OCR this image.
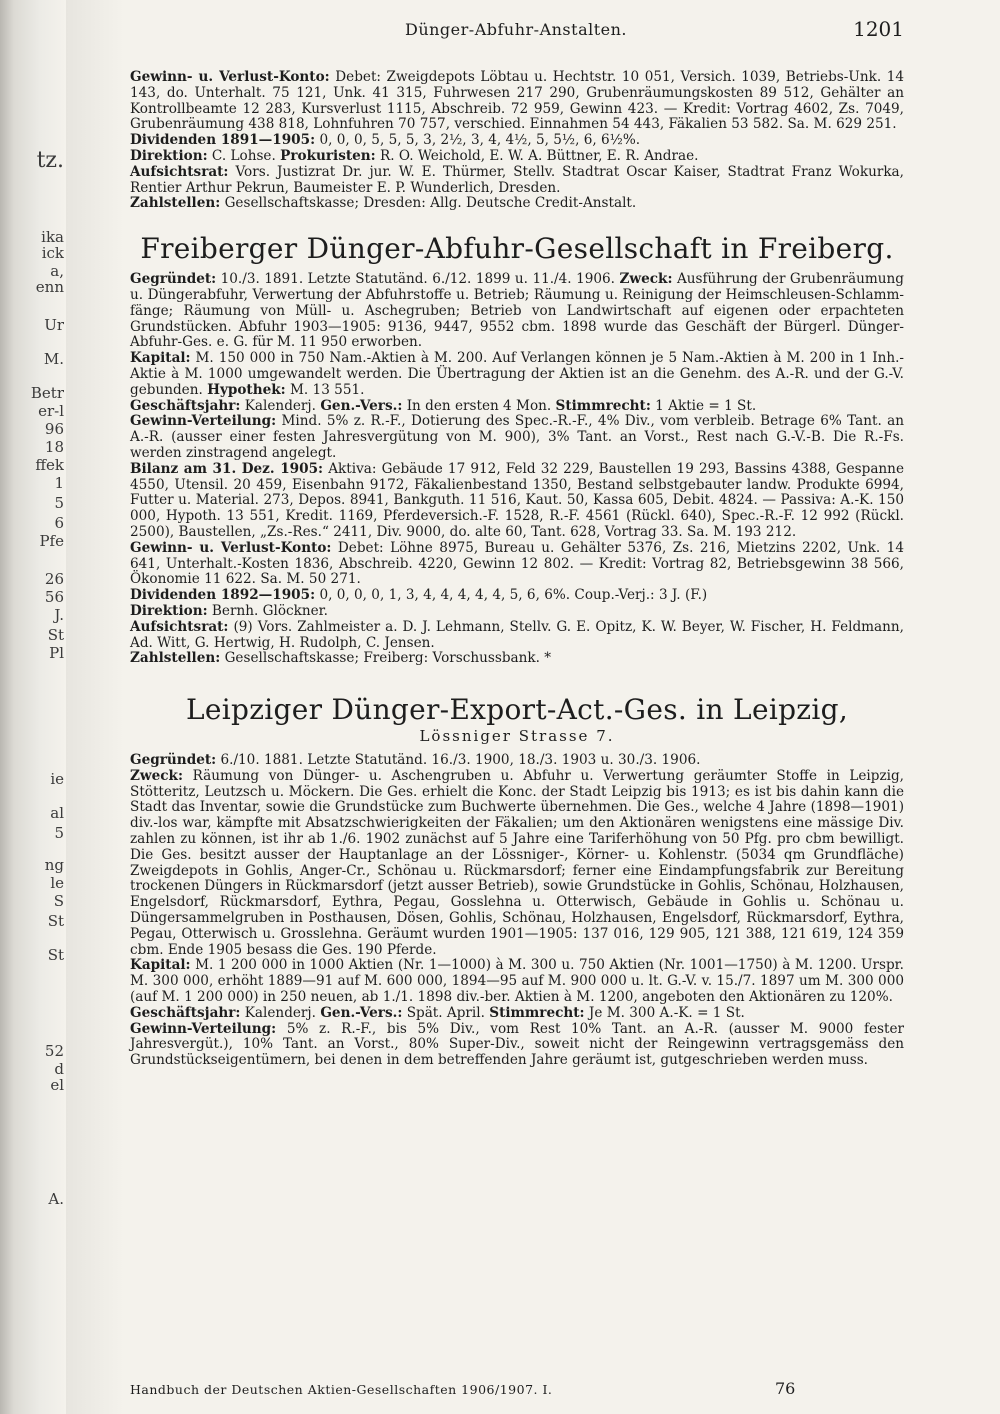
tz.
ika
ick
a,
enn
Ur
M.
Betr
er-l
96
18
ffek
1
5
6
Pfe
26
56
J.
St
Pl
ie
al
5
ng
le
S
St
St
52
d
el
A.
Dünger-Abfuhr-Anstalten.	1201

Gewinn- u. Verlust-Konto: Debet: Zweigdepots Löbtau u. Hechtstr. 10 051, Versich. 1039, Betriebs-Unk. 14 143, do. Unterhalt. 75 121, Unk. 41 315, Fuhrwesen 217 290, Grubenräumungskosten 89 512, Gehälter an Kontrollbeamte 12 283, Kursverlust 1115, Abschreib. 72 959, Gewinn 423. — Kredit: Vortrag 4602, Zs. 7049, Grubenräumung 438 818, Lohnfuhren 70 757, verschied. Einnahmen 54 443, Fäkalien 53 582. Sa. M. 629 251.

Dividenden 1891—1905: 0, 0, 0, 5, 5, 5, 3, 2½, 3, 4, 4½, 5, 5½, 6, 6½%.

Direktion: C. Lohse. Prokuristen: R. O. Weichold, E. W. A. Büttner, E. R. Andrae.

Aufsichtsrat: Vors. Justizrat Dr. jur. W. E. Thürmer, Stellv. Stadtrat Oscar Kaiser, Stadtrat Franz Wokurka, Rentier Arthur Pekrun, Baumeister E. P. Wunderlich, Dresden.

Zahlstellen: Gesellschaftskasse; Dresden: Allg. Deutsche Credit-Anstalt.

Freiberger Dünger-Abfuhr-Gesellschaft in Freiberg.

Gegründet: 10./3. 1891. Letzte Statutänd. 6./12. 1899 u. 11./4. 1906. Zweck: Ausführung der Grubenräumung u. Düngerabfuhr, Verwertung der Abfuhrstoffe u. Betrieb; Räumung u. Reinigung der Heimschleusen-Schlammfänge; Räumung von Müll- u. Aschegruben; Betrieb von Landwirtschaft auf eigenen oder erpachteten Grundstücken. Abfuhr 1903—1905: 9136, 9447, 9552 cbm. 1898 wurde das Geschäft der Bürgerl. Dünger-Abfuhr-Ges. e. G. für M. 11 950 erworben.

Kapital: M. 150 000 in 750 Nam.-Aktien à M. 200. Auf Verlangen können je 5 Nam.-Aktien à M. 200 in 1 Inh.-Aktie à M. 1000 umgewandelt werden. Die Übertragung der Aktien ist an die Genehm. des A.-R. und der G.-V. gebunden. Hypothek: M. 13 551.

Geschäftsjahr: Kalenderj. Gen.-Vers.: In den ersten 4 Mon. Stimmrecht: 1 Aktie = 1 St.

Gewinn-Verteilung: Mind. 5% z. R.-F., Dotierung des Spec.-R.-F., 4% Div., vom verbleib. Betrage 6% Tant. an A.-R. (ausser einer festen Jahresvergütung von M. 900), 3% Tant. an Vorst., Rest nach G.-V.-B. Die R.-Fs. werden zinstragend angelegt.

Bilanz am 31. Dez. 1905: Aktiva: Gebäude 17 912, Feld 32 229, Baustellen 19 293, Bassins 4388, Gespanne 4550, Utensil. 20 459, Eisenbahn 9172, Fäkalienbestand 1350, Bestand selbstgebauter landw. Produkte 6994, Futter u. Material. 273, Depos. 8941, Bankguth. 11 516, Kaut. 50, Kassa 605, Debit. 4824. — Passiva: A.-K. 150 000, Hypoth. 13 551, Kredit. 1169, Pferdeversich.-F. 1528, R.-F. 4561 (Rückl. 640), Spec.-R.-F. 12 992 (Rückl. 2500), Baustellen, „Zs.-Res.“ 2411, Div. 9000, do. alte 60, Tant. 628, Vortrag 33. Sa. M. 193 212.

Gewinn- u. Verlust-Konto: Debet: Löhne 8975, Bureau u. Gehälter 5376, Zs. 216, Mietzins 2202, Unk. 14 641, Unterhalt.-Kosten 1836, Abschreib. 4220, Gewinn 12 802. — Kredit: Vortrag 82, Betriebsgewinn 38 566, Ökonomie 11 622. Sa. M. 50 271.

Dividenden 1892—1905: 0, 0, 0, 0, 1, 3, 4, 4, 4, 4, 4, 5, 6, 6%. Coup.-Verj.: 3 J. (F.)

Direktion: Bernh. Glöckner.

Aufsichtsrat: (9) Vors. Zahlmeister a. D. J. Lehmann, Stellv. G. E. Opitz, K. W. Beyer, W. Fischer, H. Feldmann, Ad. Witt, G. Hertwig, H. Rudolph, C. Jensen.

Zahlstellen: Gesellschaftskasse; Freiberg: Vorschussbank. *

Leipziger Dünger-Export-Act.-Ges. in Leipzig,
Lössniger Strasse 7.

Gegründet: 6./10. 1881. Letzte Statutänd. 16./3. 1900, 18./3. 1903 u. 30./3. 1906.

Zweck: Räumung von Dünger- u. Aschengruben u. Abfuhr u. Verwertung geräumter Stoffe in Leipzig, Stötteritz, Leutzsch u. Möckern. Die Ges. erhielt die Konc. der Stadt Leipzig bis 1913; es ist bis dahin kann die Stadt das Inventar, sowie die Grundstücke zum Buchwerte übernehmen. Die Ges., welche 4 Jahre (1898—1901) div.-los war, kämpfte mit Absatzschwierigkeiten der Fäkalien; um den Aktionären wenigstens eine mässige Div. zahlen zu können, ist ihr ab 1./6. 1902 zunächst auf 5 Jahre eine Tariferhöhung von 50 Pfg. pro cbm bewilligt. Die Ges. besitzt ausser der Hauptanlage an der Lössniger-, Körner- u. Kohlenstr. (5034 qm Grundfläche) Zweigdepots in Gohlis, Anger-Cr., Schönau u. Rückmarsdorf; ferner eine Eindampfungsfabrik zur Bereitung trockenen Düngers in Rückmarsdorf (jetzt ausser Betrieb), sowie Grundstücke in Gohlis, Schönau, Holzhausen, Engelsdorf, Rückmarsdorf, Eythra, Pegau, Gosslehna u. Otterwisch, Gebäude in Gohlis u. Schönau u. Düngersammelgruben in Posthausen, Dösen, Gohlis, Schönau, Holzhausen, Engelsdorf, Rückmarsdorf, Eythra, Pegau, Otterwisch u. Grosslehna. Geräumt wurden 1901—1905: 137 016, 129 905, 121 388, 121 619, 124 359 cbm. Ende 1905 besass die Ges. 190 Pferde.

Kapital: M. 1 200 000 in 1000 Aktien (Nr. 1—1000) à M. 300 u. 750 Aktien (Nr. 1001—1750) à M. 1200. Urspr. M. 300 000, erhöht 1889—91 auf M. 600 000, 1894—95 auf M. 900 000 u. lt. G.-V. v. 15./7. 1897 um M. 300 000 (auf M. 1 200 000) in 250 neuen, ab 1./1. 1898 div.-ber. Aktien à M. 1200, angeboten den Aktionären zu 120%.

Geschäftsjahr: Kalenderj. Gen.-Vers.: Spät. April. Stimmrecht: Je M. 300 A.-K. = 1 St.

Gewinn-Verteilung: 5% z. R.-F., bis 5% Div., vom Rest 10% Tant. an A.-R. (ausser M. 9000 fester Jahresvergüt.), 10% Tant. an Vorst., 80% Super-Div., soweit nicht der Reingewinn vertragsgemäss den Grundstückseigentümern, bei denen in dem betreffenden Jahre geräumt ist, gutgeschrieben werden muss.

Handbuch der Deutschen Aktien-Gesellschaften 1906/1907. I.	76
